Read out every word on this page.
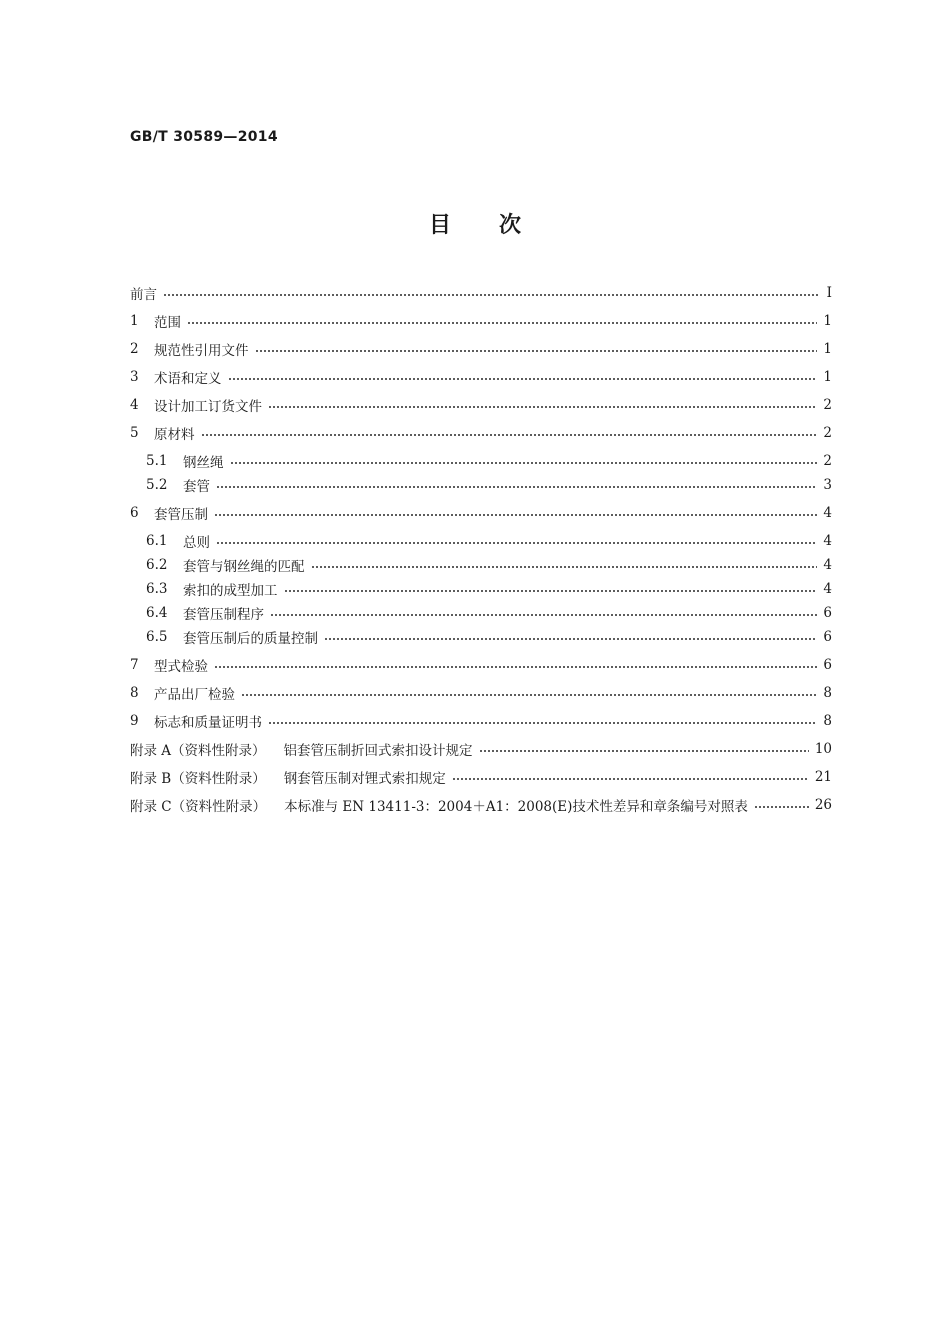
GB/T 30589—2014
目次
前言	I
1	范围	1
2	规范性引用文件	1
3	术语和定义	1
4	设计加工订货文件	2
5	原材料	2
5.1	钢丝绳	2
5.2	套管	3
6	套管压制	4
6.1	总则	4
6.2	套管与钢丝绳的匹配	4
6.3	索扣的成型加工	4
6.4	套管压制程序	6
6.5	套管压制后的质量控制	6
7	型式检验	6
8	产品出厂检验	8
9	标志和质量证明书	8
附录 A（资料性附录） 铝套管压制折回式索扣设计规定	10
附录 B（资料性附录） 钢套管压制对锂式索扣规定	21
附录 C（资料性附录） 本标准与 EN 13411-3：2004＋A1：2008(E)技术性差异和章条编号对照表	26
